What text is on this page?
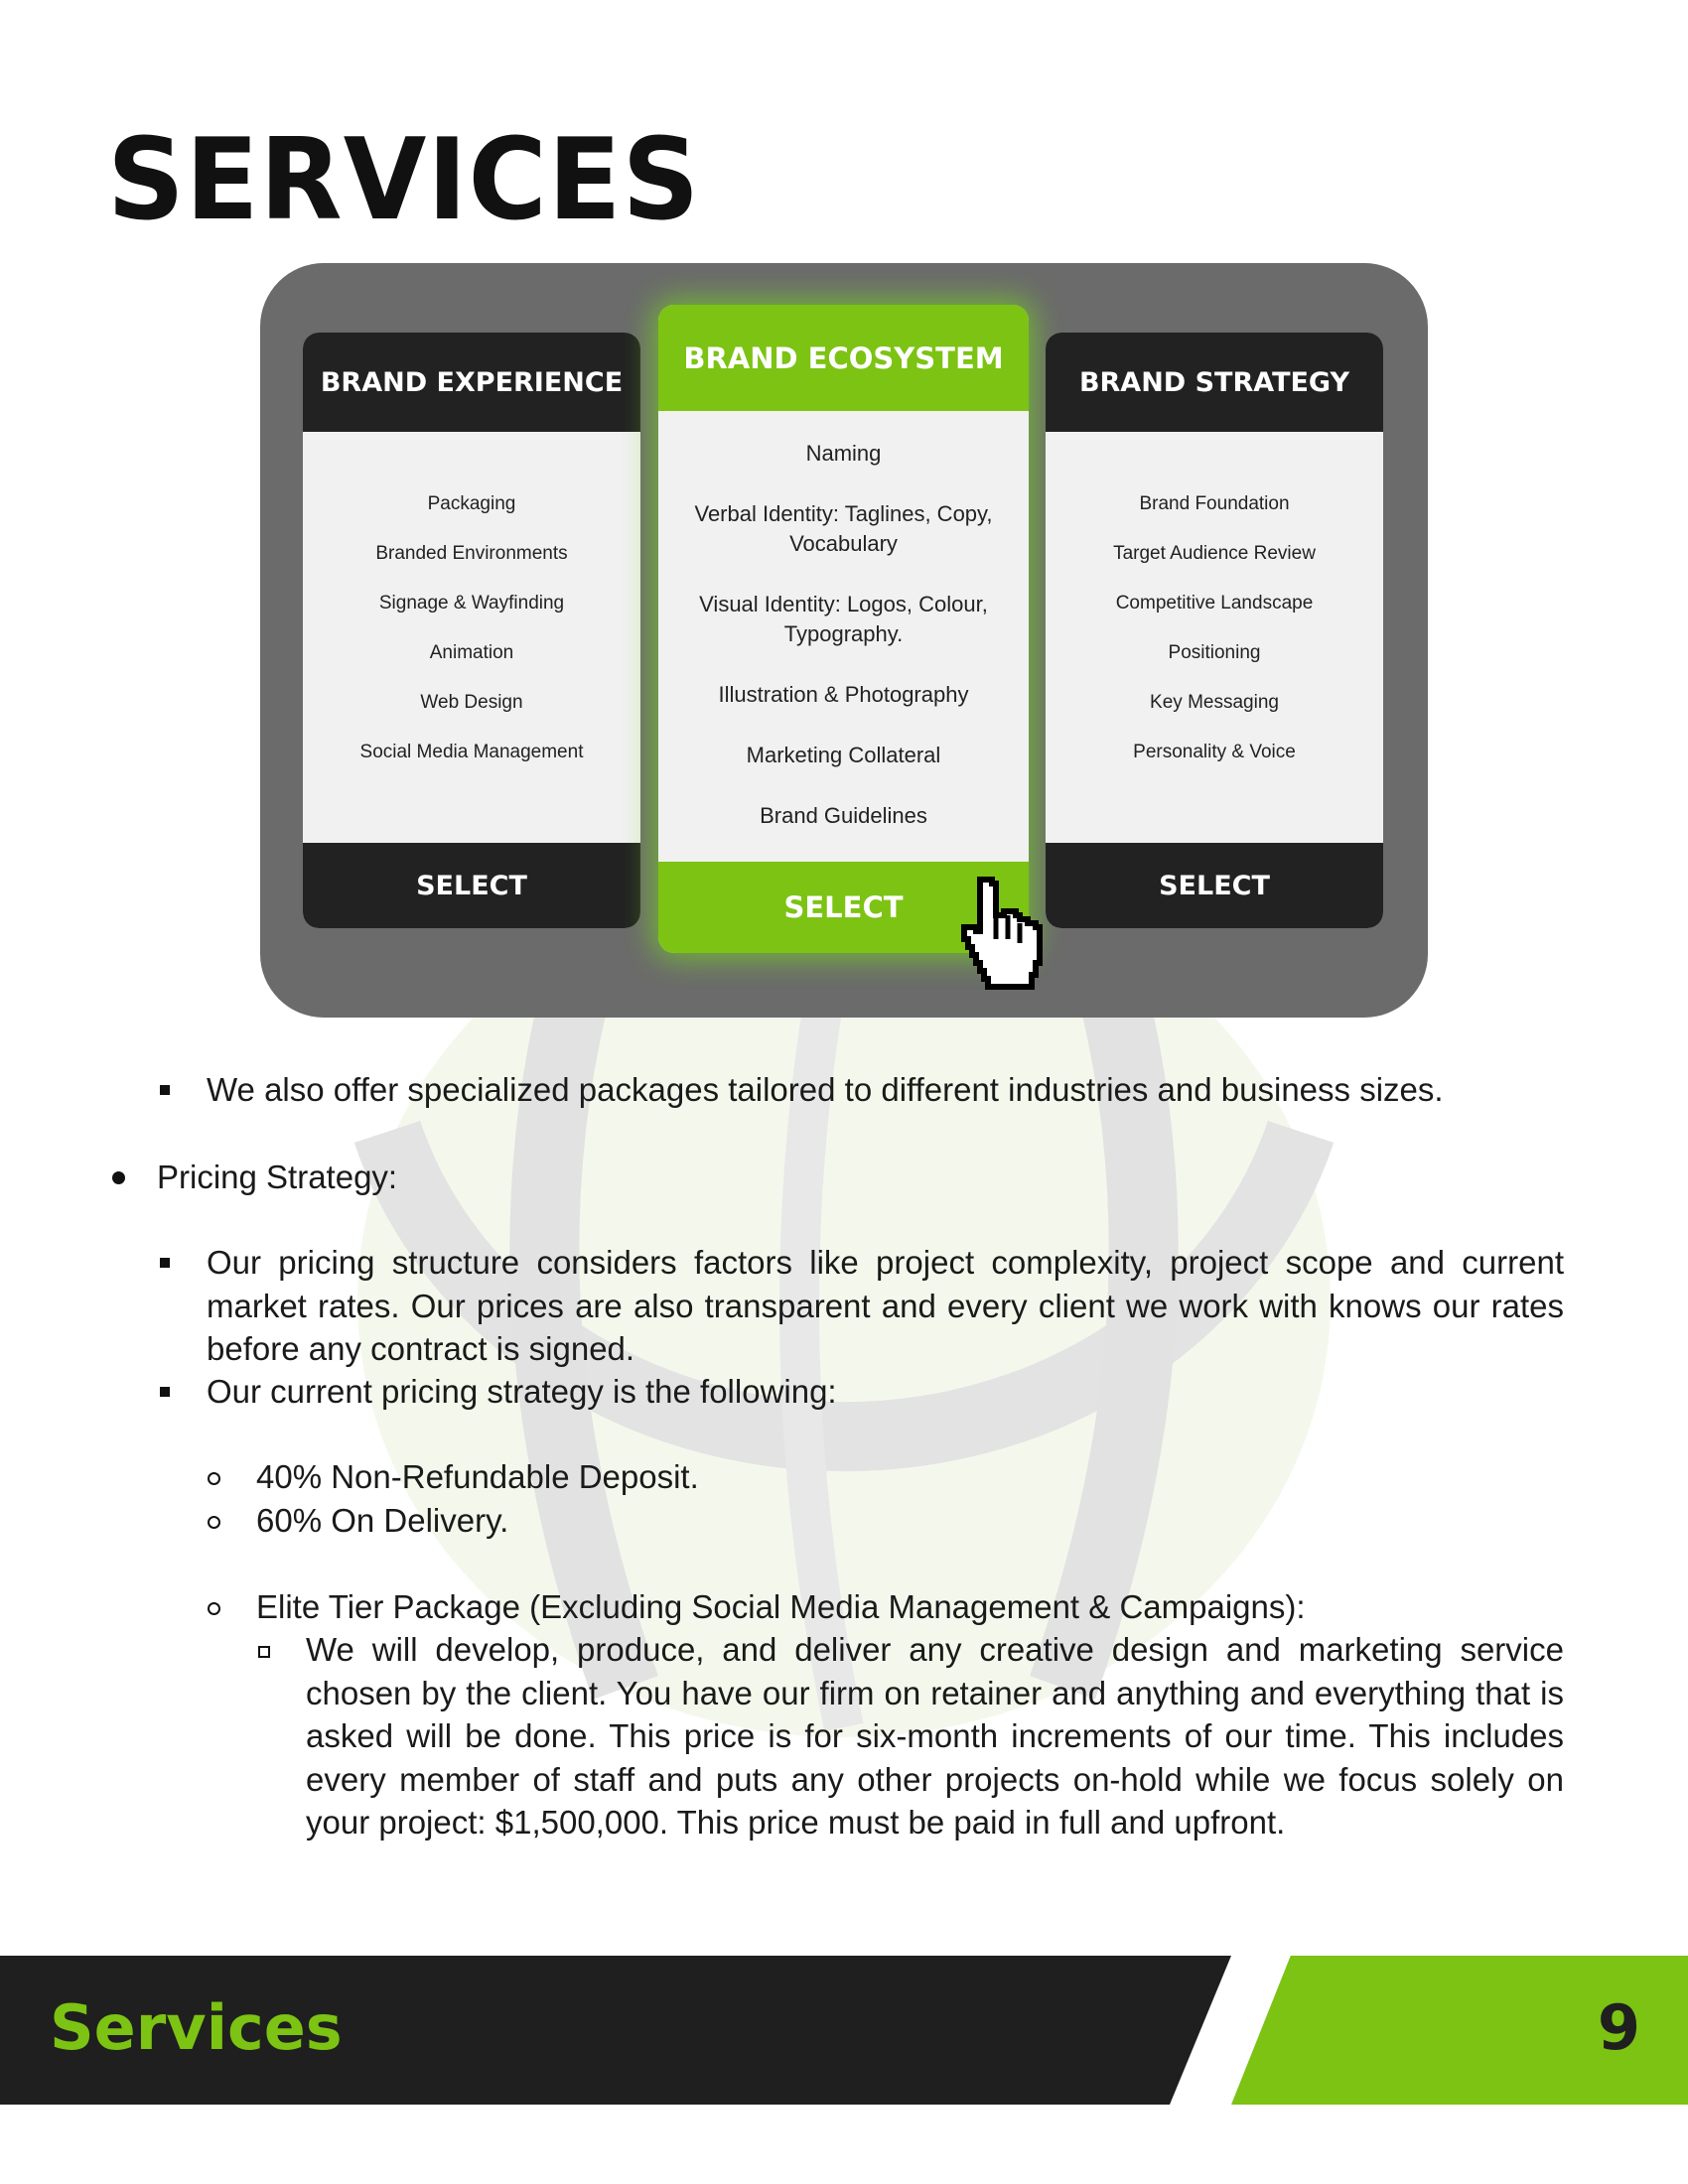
SERVICES
BRAND EXPERIENCE
Packaging
Branded Environments
Signage & Wayfinding
Animation
Web Design
Social Media Management
SELECT
BRAND ECOSYSTEM
Naming
Verbal Identity: Taglines, Copy, Vocabulary
Visual Identity: Logos, Colour, Typography.
Illustration & Photography
Marketing Collateral
Brand Guidelines
SELECT
BRAND STRATEGY
Brand Foundation
Target Audience Review
Competitive Landscape
Positioning
Key Messaging
Personality & Voice
SELECT
We also offer specialized packages tailored to different industries and business sizes.
Pricing Strategy:

Our pricing structure considers factors like project complexity, project scope and current market rates. Our prices are also transparent and every client we work with knows our rates before any contract is signed.

Our current pricing strategy is the following:
40% Non-Refundable Deposit.
60% On Delivery.
Elite Tier Package (Excluding Social Media Management & Campaigns):

We will develop, produce, and deliver any creative design and marketing service chosen by the client. You have our firm on retainer and anything and everything that is asked will be done. This price is for six-month increments of our time. This includes every member of staff and puts any other projects on-hold while we focus solely on your project: $1,500,000. This price must be paid in full and upfront.

Services	9
